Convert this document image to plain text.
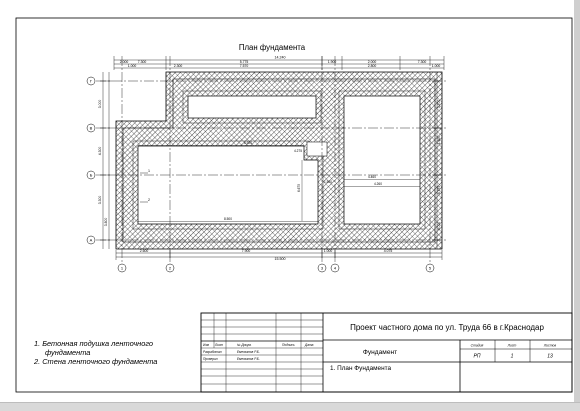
План фундамента
14.240
2.000	7.300	5.775	1.900	2.000	7.300
1.000	2.300	7.570	2.800	1.000
3.000
4.300
3.300
3.800
3.700
1.600
4.775
4.000
2.600	7.900	1.000	4.075
15.500
6.920
8.500
6.675
4.460
4.260
1.500
4.275
1
2
Г
В
Б
А
1	2	3	4	5
Изм	Лист	№ Докум.	Подпись	Дата
Разработал	Емельянов Р.Б.
Проверил	Емельянов Р.Б.
Проект частного дома по ул. Труда 66 в г.Краснодар
Фундамент
1. План Фундамента
Стадия	Лист	Листов
РП	1	13
1. Бетонная подушка ленточного
фундамента
2. Стена ленточного фундамента
